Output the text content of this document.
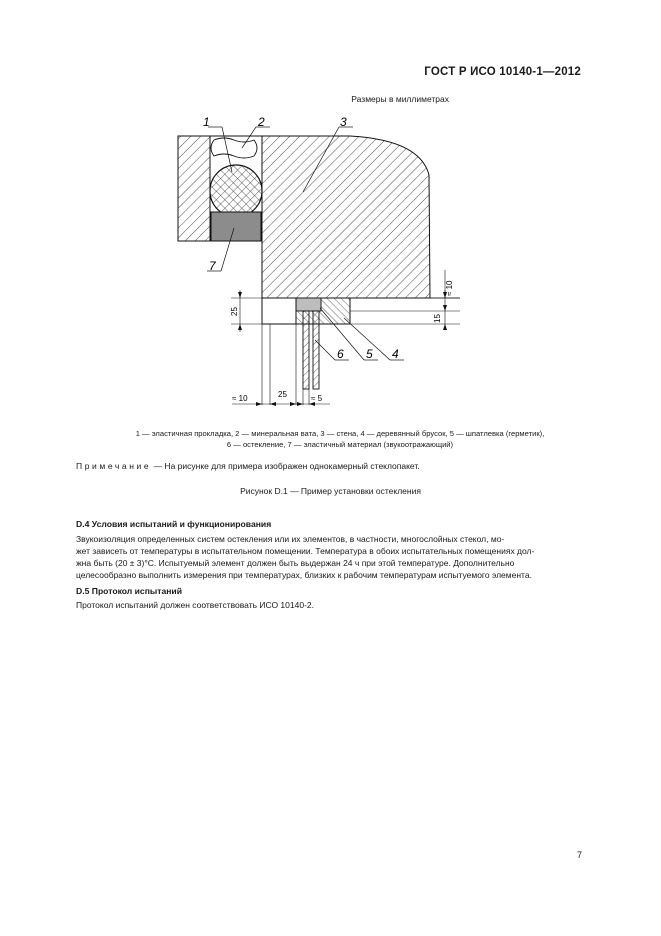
ГОСТ Р ИСО 10140-1—2012
Размеры в миллиметрах
≈ 10	25	≈ 5
25
15
≈ 10
1	2	3
7
6 5 4
1 — эластичная прокладка, 2 — минеральная вата, 3 — стена, 4 — деревянный брусок, 5 — шпатлевка (герметик),
6 — остекление, 7 — эластичный материал (звукоотражающий)
Примечание — На рисунке для примера изображен однокамерный стеклопакет.
Рисунок D.1 — Пример установки остекления
D.4 Условия испытаний и функционирования
Звукоизоляция определенных систем остекления или их элементов, в частности, многослойных стекол, мо-
жет зависеть от температуры в испытательном помещении. Температура в обоих испытательных помещениях дол-
жна быть (20 ± 3)°C. Испытуемый элемент должен быть выдержан 24 ч при этой температуре. Дополнительно
целесообразно выполнить измерения при температурах, близких к рабочим температурам испытуемого элемента.
D.5 Протокол испытаний
Протокол испытаний должен соответствовать ИСО 10140-2.
7
